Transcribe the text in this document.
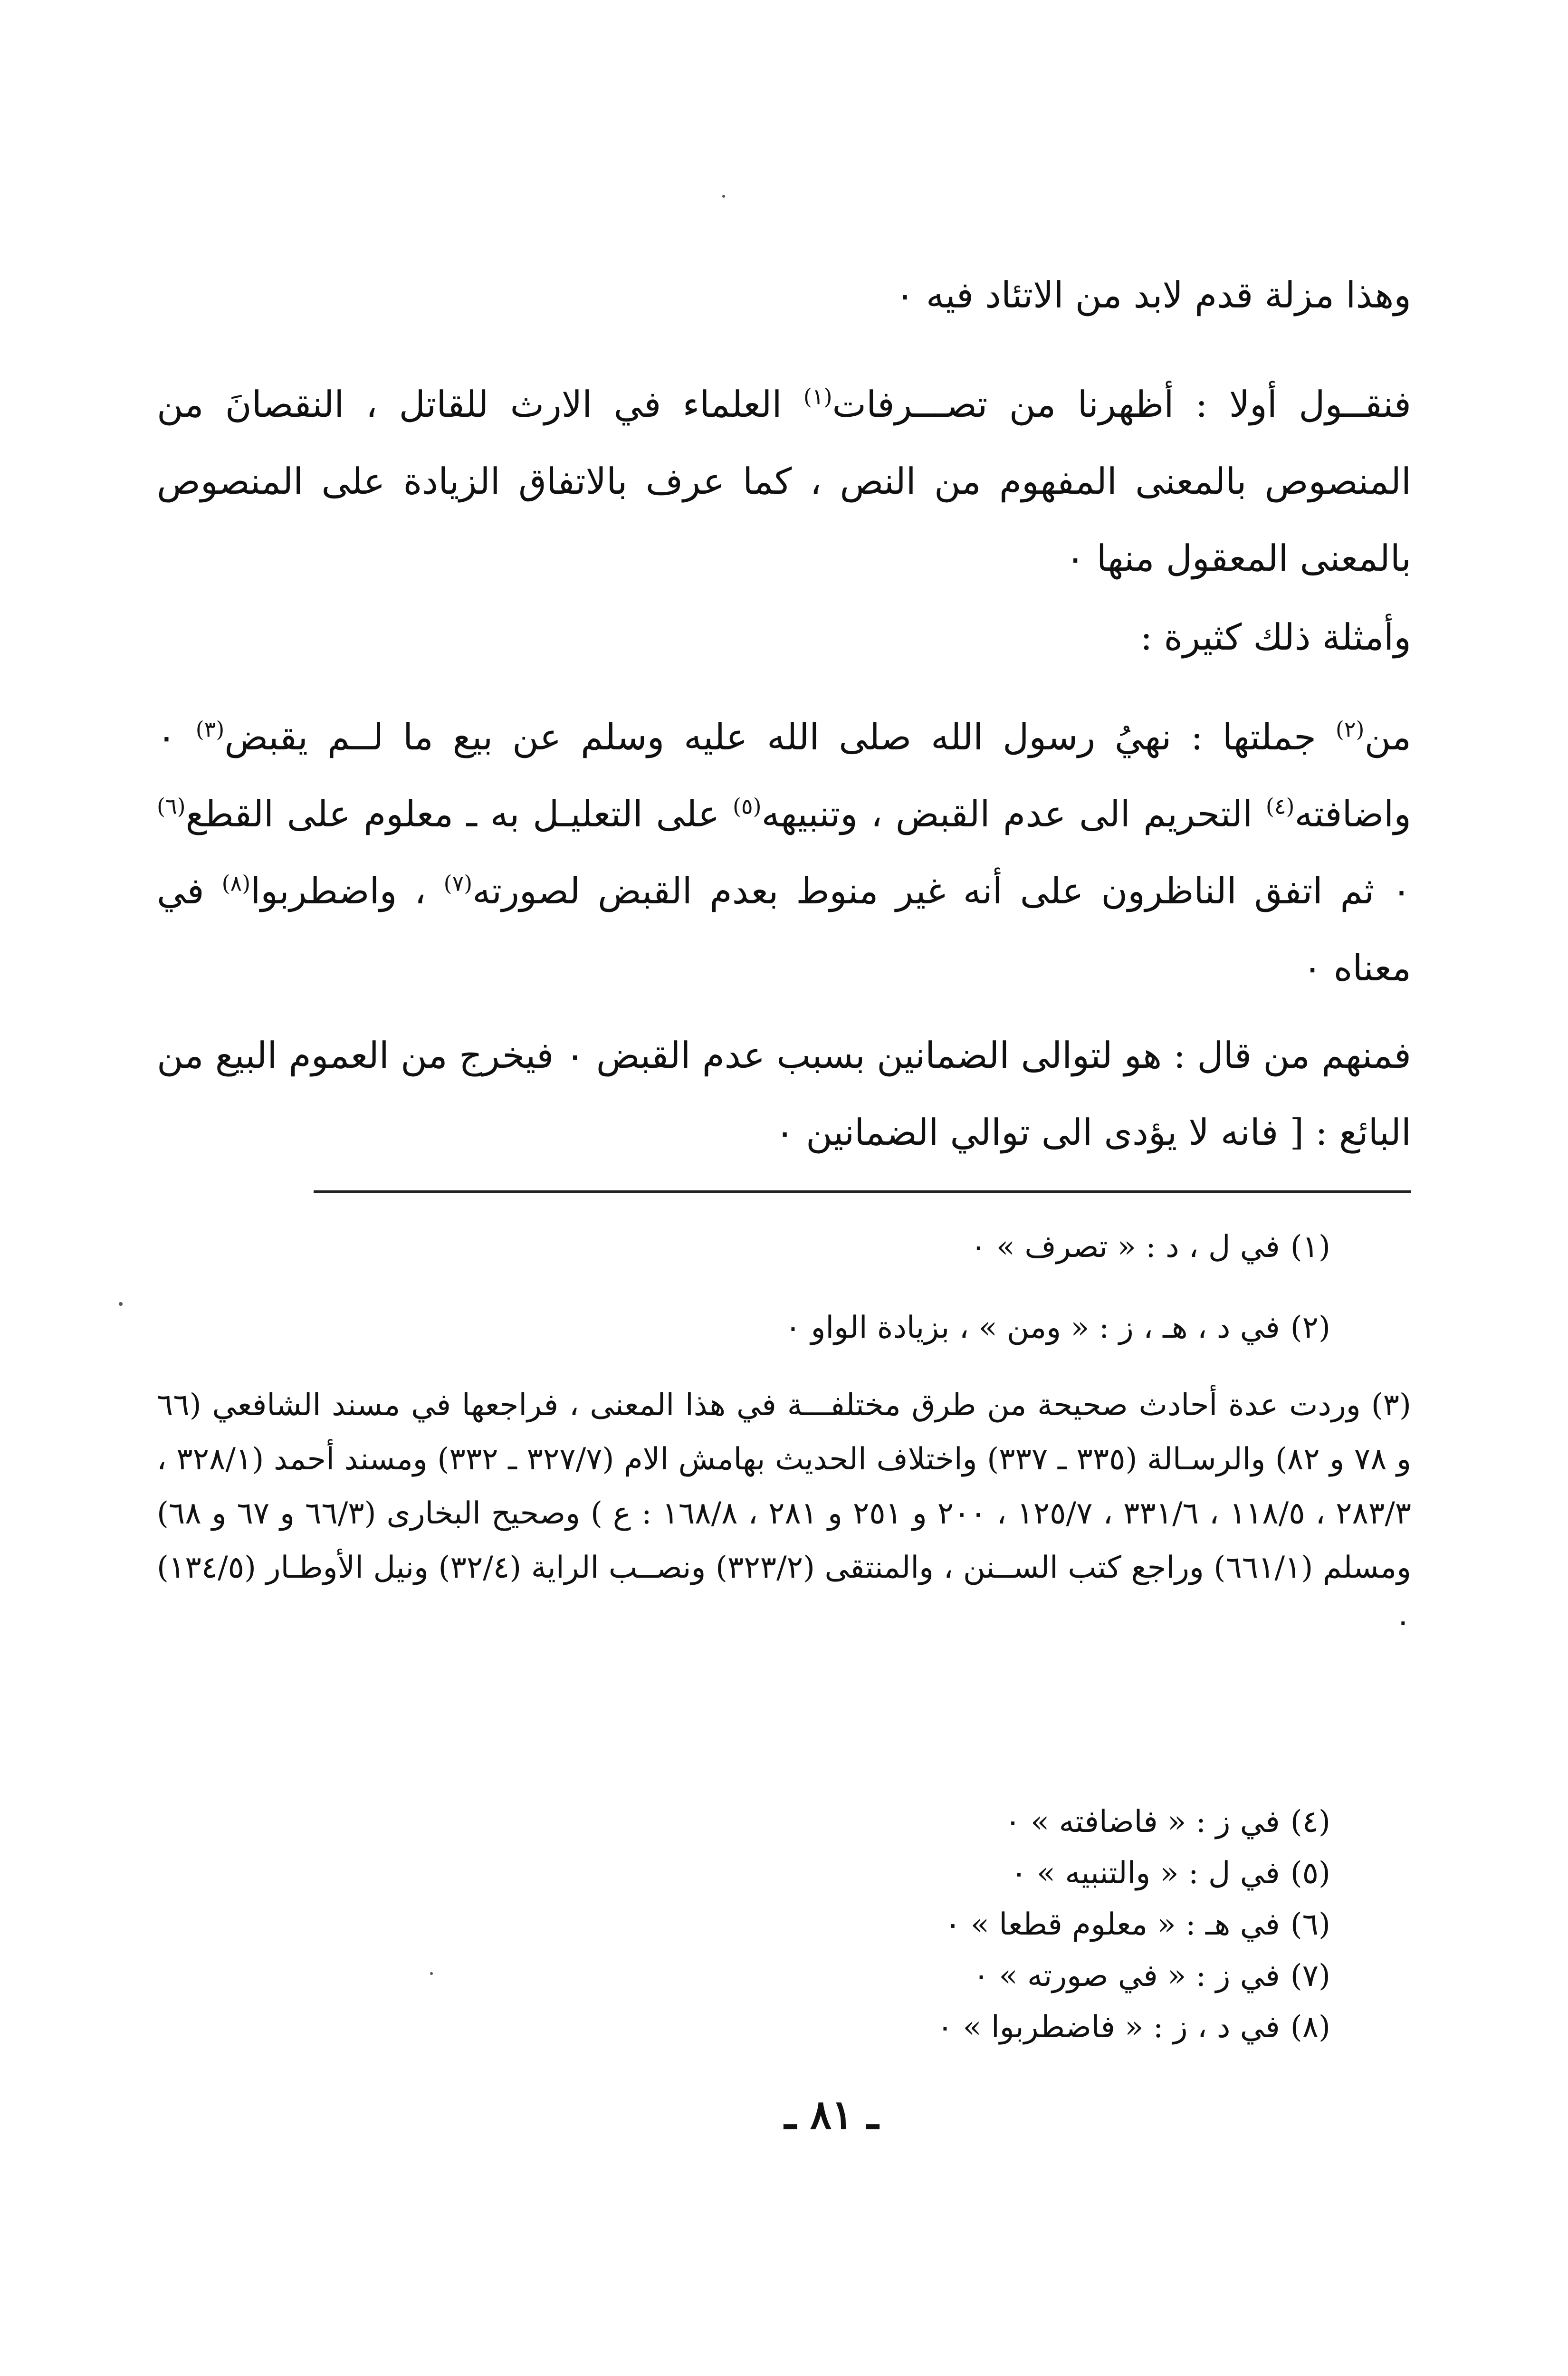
وهذا مزلة قدم لابد من الاتئاد فيه ٠
فنقــول أولا : أظهرنا من تصـــرفات$^{(١)}$ العلماء في الارث للقاتل ، النقصانَ من المنصوص بالمعنى المفهوم من النص ، كما عرف بالاتفاق الزيادة على المنصوص بالمعنى المعقول منها ٠
وأمثلة ذلك كثيرة :
من$^{(٢)}$ جملتها : نهيُ رسول الله صلى الله عليه وسلم عن بيع ما لــم يقبض$^{(٣)}$ ٠ واضافته$^{(٤)}$ التحريم الى عدم القبض ، وتنبيهه$^{(٥)}$ على التعليـل به ـ معلوم على القطع$^{(٦)}$ ٠ ثم اتفق الناظرون على أنه غير منوط بعدم القبض لصورته$^{(٧)}$ ، واضطربوا$^{(٨)}$ في معناه ٠
فمنهم من قال : هو لتوالى الضمانين بسبب عدم القبض ٠ فيخرج من العموم البيع من البائع : [ فانه لا يؤدى الى توالي الضمانين ٠
(١)في ل ، د : « تصرف » ٠
(٢)في د ، هـ ، ز : « ومن » ، بزيادة الواو ٠
(٣)وردت عدة أحادث صحيحة من طرق مختلفـــة في هذا المعنى ، فراجعها في مسند الشافعي (٦٦ و ٧٨ و ٨٢) والرسـالة (٣٣٥ ـ ٣٣٧) واختلاف الحديث بهامش الام (٣٢٧/٧ ـ ٣٣٢) ومسند أحمد (٣٢٨/١ ، ٢٨٣/٣ ، ١١٨/٥ ، ٣٣١/٦ ، ١٢٥/٧ ، ٢٠٠ و ٢٥١ و ٢٨١ ، ١٦٨/٨ : ع ) وصحيح البخارى (٦٦/٣ و ٦٧ و ٦٨) ومسلم (٦٦١/١) وراجع كتب الســنن ، والمنتقى (٣٢٣/٢) ونصــب الراية (٣٢/٤) ونيل الأوطـار (١٣٤/٥) ٠
(٤)في ز : « فاضافته » ٠
(٥)في ل : « والتنبيه » ٠
(٦)في هـ : « معلوم قطعا » ٠
(٧)في ز : « في صورته » ٠
(٨)في د ، ز : « فاضطربوا » ٠
ـ ٨١ ـ
